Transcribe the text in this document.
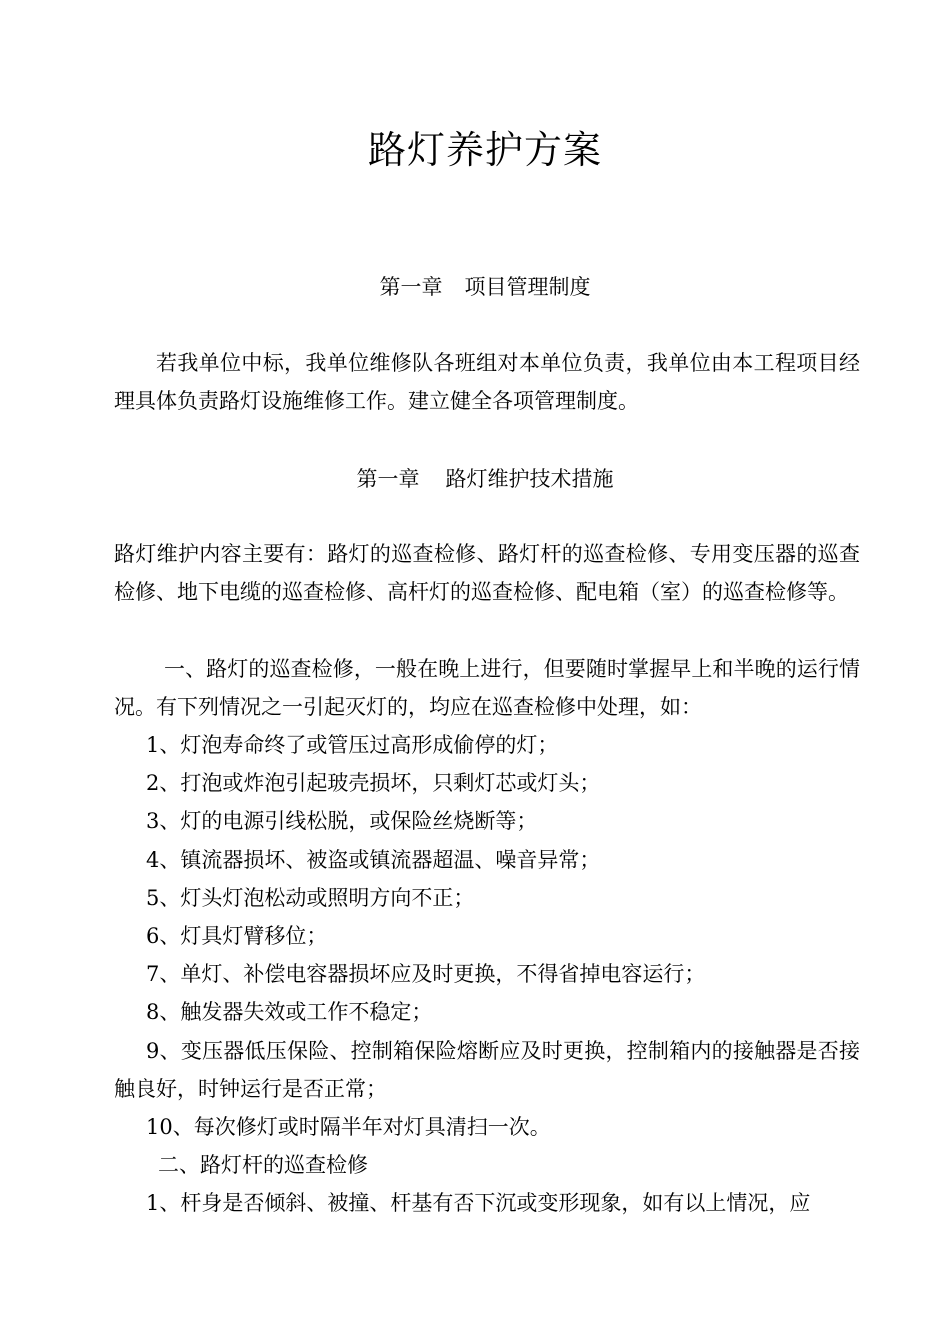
路灯养护方案
第一章 项目管理制度
若我单位中标，我单位维修队各班组对本单位负责，我单位由本工程项目经理具体负责路灯设施维修工作。建立健全各项管理制度。
第一章 路灯维护技术措施
路灯维护内容主要有：路灯的巡查检修、路灯杆的巡查检修、专用变压器的巡查检修、地下电缆的巡查检修、高杆灯的巡查检修、配电箱（室）的巡查检修等。
一、路灯的巡查检修，一般在晚上进行，但要随时掌握早上和半晚的运行情况。有下列情况之一引起灭灯的，均应在巡查检修中处理，如：
1、灯泡寿命终了或管压过高形成偷停的灯；
2、打泡或炸泡引起玻壳损坏，只剩灯芯或灯头；
3、灯的电源引线松脱，或保险丝烧断等；
4、镇流器损坏、被盗或镇流器超温、噪音异常；
5、灯头灯泡松动或照明方向不正；
6、灯具灯臂移位；
7、单灯、补偿电容器损坏应及时更换，不得省掉电容运行；
8、触发器失效或工作不稳定；
9、变压器低压保险、控制箱保险熔断应及时更换，控制箱内的接触器是否接触良好，时钟运行是否正常；
10、每次修灯或时隔半年对灯具清扫一次。
二、路灯杆的巡查检修
1、杆身是否倾斜、被撞、杆基有否下沉或变形现象，如有以上情况，应
